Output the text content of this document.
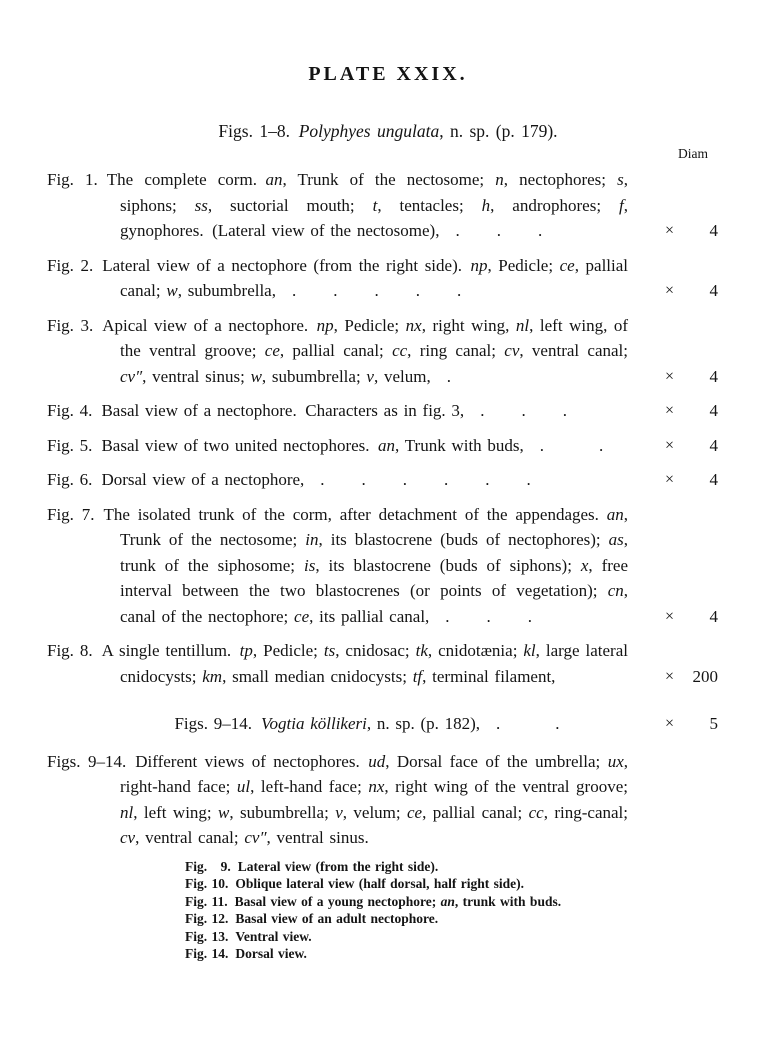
PLATE XXIX.
Figs. 1–8. Polyphyes ungulata, n. sp. (p. 179).
Diam
Fig. 1. The complete corm. an, Trunk of the nectosome; n, nectophores; s, siphons; ss, suctorial mouth; t, tentacles; h, androphores; f, gynophores. (Lateral view of the nectosome), .  .  .	×	4
Fig. 2. Lateral view of a nectophore (from the right side). np, Pedicle; ce, pallial canal; w, subumbrella, .  .  .  .  .	×	4
Fig. 3. Apical view of a nectophore. np, Pedicle; nx, right wing, nl, left wing, of the ventral groove; ce, pallial canal; cc, ring canal; cv, ventral canal; cv″, ventral sinus; w, subumbrella; v, velum, .	×	4
Fig. 4. Basal view of a nectophore. Characters as in fig. 3, .  .  .	×	4
Fig. 5. Basal view of two united nectophores. an, Trunk with buds, .   .	×	4
Fig. 6. Dorsal view of a nectophore, .  .  .  .  .  .	×	4
Fig. 7. The isolated trunk of the corm, after detachment of the appendages. an, Trunk of the nectosome; in, its blastocrene (buds of nectophores); as, trunk of the siphosome; is, its blastocrene (buds of siphons); x, free interval between the two blastocrenes (or points of vegetation); cn, canal of the nectophore; ce, its pallial canal, .  .  .	×	4
Fig. 8. A single tentillum. tp, Pedicle; ts, cnidosac; tk, cnidotænia; kl, large lateral cnidocysts; km, small median cnidocysts; tf, terminal filament,	×	200
Figs. 9–14. Vogtia köllikeri, n. sp. (p. 182), .   .	×	5
Figs. 9–14. Different views of nectophores. ud, Dorsal face of the umbrella; ux, right-hand face; ul, left-hand face; nx, right wing of the ventral groove; nl, left wing; w, subumbrella; v, velum; ce, pallial canal; cc, ring-canal; cv, ventral canal; cv″, ventral sinus.
Fig.  9. Lateral view (from the right side).
Fig. 10. Oblique lateral view (half dorsal, half right side).
Fig. 11. Basal view of a young nectophore; an, trunk with buds.
Fig. 12. Basal view of an adult nectophore.
Fig. 13. Ventral view.
Fig. 14. Dorsal view.
